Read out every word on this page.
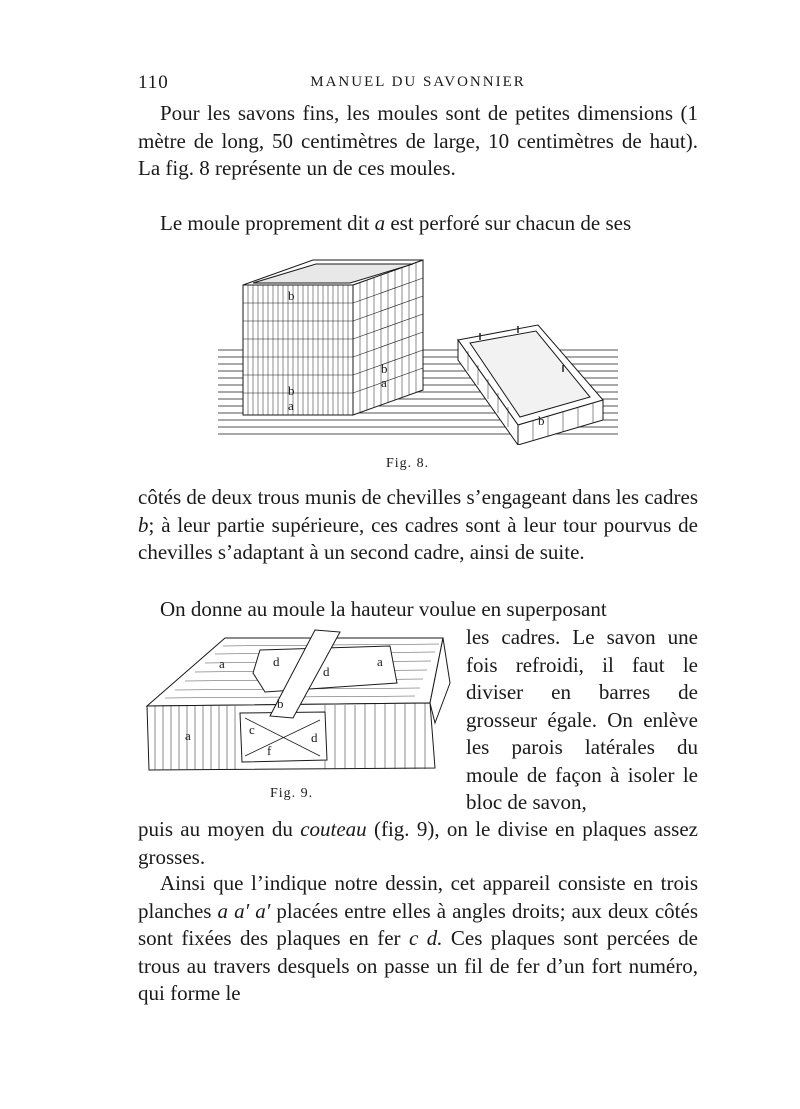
110	MANUEL DU SAVONNIER

Pour les savons fins, les moules sont de petites dimensions (1 mètre de long, 50 centimètres de large, 10 centimètres de haut). La fig. 8 représente un de ces moules.

Le moule proprement dit a est perforé sur chacun de ses

b
b
a
b
a
b
Fig. 8.

côtés de deux trous munis de chevilles s’engageant dans les cadres b; à leur partie supérieure, ces cadres sont à leur tour pourvus de chevilles s’adaptant à un second cadre, ainsi de suite.

On donne au moule la hauteur voulue en superposant

a	d	a
d
b
a	c
d
f
Fig. 9.

les cadres. Le savon une fois refroidi, il faut le diviser en barres de grosseur égale. On enlève les parois latérales du moule de façon à isoler le bloc de savon,

puis au moyen du couteau (fig. 9), on le divise en plaques assez grosses.

Ainsi que l’indique notre dessin, cet appareil consiste en trois planches a a′ a′ placées entre elles à angles droits; aux deux côtés sont fixées des plaques en fer c d. Ces plaques sont percées de trous au travers desquels on passe un fil de fer d’un fort numéro, qui forme le
